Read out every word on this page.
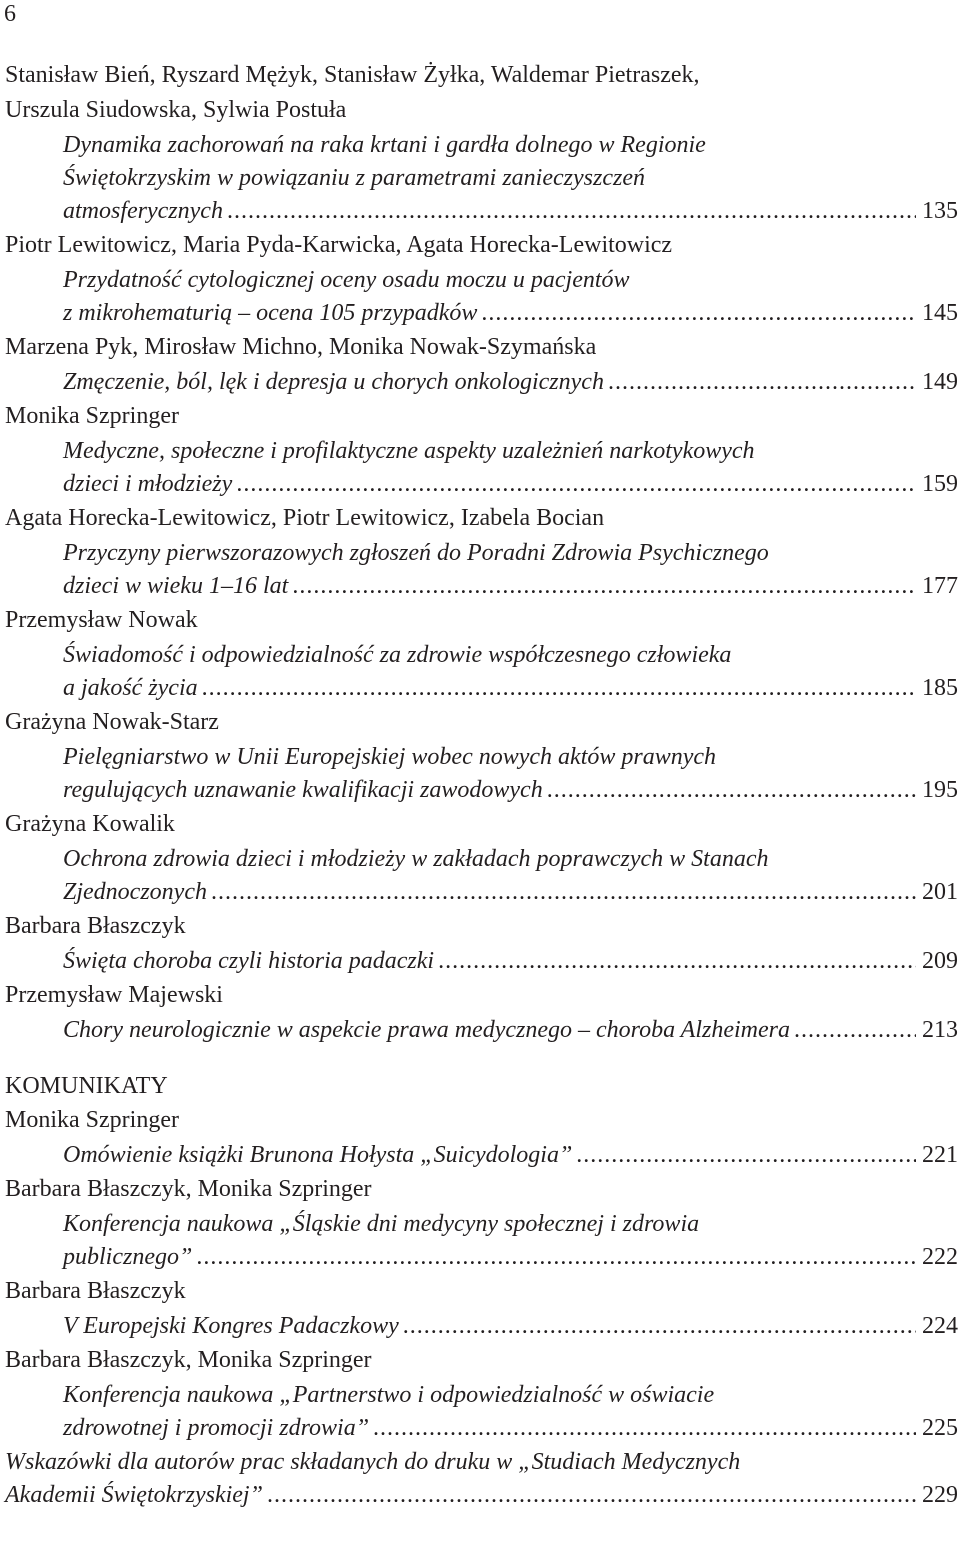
6
Stanisław Bień, Ryszard Mężyk, Stanisław Żyłka, Waldemar Pietraszek,
Urszula Siudowska, Sylwia Postuła
Dynamika zachorowań na raka krtani i gardła dolnego w Regionie
Świętokrzyskim w powiązaniu z parametrami zanieczyszczeń
atmosferycznych .....	135
Piotr Lewitowicz, Maria Pyda-Karwicka, Agata Horecka-Lewitowicz
Przydatność cytologicznej oceny osadu moczu u pacjentów
z mikrohematurią – ocena 105 przypadków .....	145
Marzena Pyk, Mirosław Michno, Monika Nowak-Szymańska
Zmęczenie, ból, lęk i depresja u chorych onkologicznych .....	149
Monika Szpringer
Medyczne, społeczne i profilaktyczne aspekty uzależnień narkotykowych
dzieci i młodzieży .....	159
Agata Horecka-Lewitowicz, Piotr Lewitowicz, Izabela Bocian
Przyczyny pierwszorazowych zgłoszeń do Poradni Zdrowia Psychicznego
dzieci w wieku 1–16 lat .....	177
Przemysław Nowak
Świadomość i odpowiedzialność za zdrowie współczesnego człowieka
a jakość życia .....	185
Grażyna Nowak-Starz
Pielęgniarstwo w Unii Europejskiej wobec nowych aktów prawnych
regulujących uznawanie kwalifikacji zawodowych .....	195
Grażyna Kowalik
Ochrona zdrowia dzieci i młodzieży w zakładach poprawczych w Stanach
Zjednoczonych .....	201
Barbara Błaszczyk
Święta choroba czyli historia padaczki .....	209
Przemysław Majewski
Chory neurologicznie w aspekcie prawa medycznego – choroba Alzheimera .....	213
KOMUNIKATY
Monika Szpringer
Omówienie książki Brunona Hołysta „Suicydologia” .....	221
Barbara Błaszczyk, Monika Szpringer
Konferencja naukowa „Śląskie dni medycyny społecznej i zdrowia
publicznego” .....	222
Barbara Błaszczyk
V Europejski Kongres Padaczkowy .....	224
Barbara Błaszczyk, Monika Szpringer
Konferencja naukowa „Partnerstwo i odpowiedzialność w oświacie
zdrowotnej i promocji zdrowia” .....	225
Wskazówki dla autorów prac składanych do druku w „Studiach Medycznych
Akademii Świętokrzyskiej” .....	229
